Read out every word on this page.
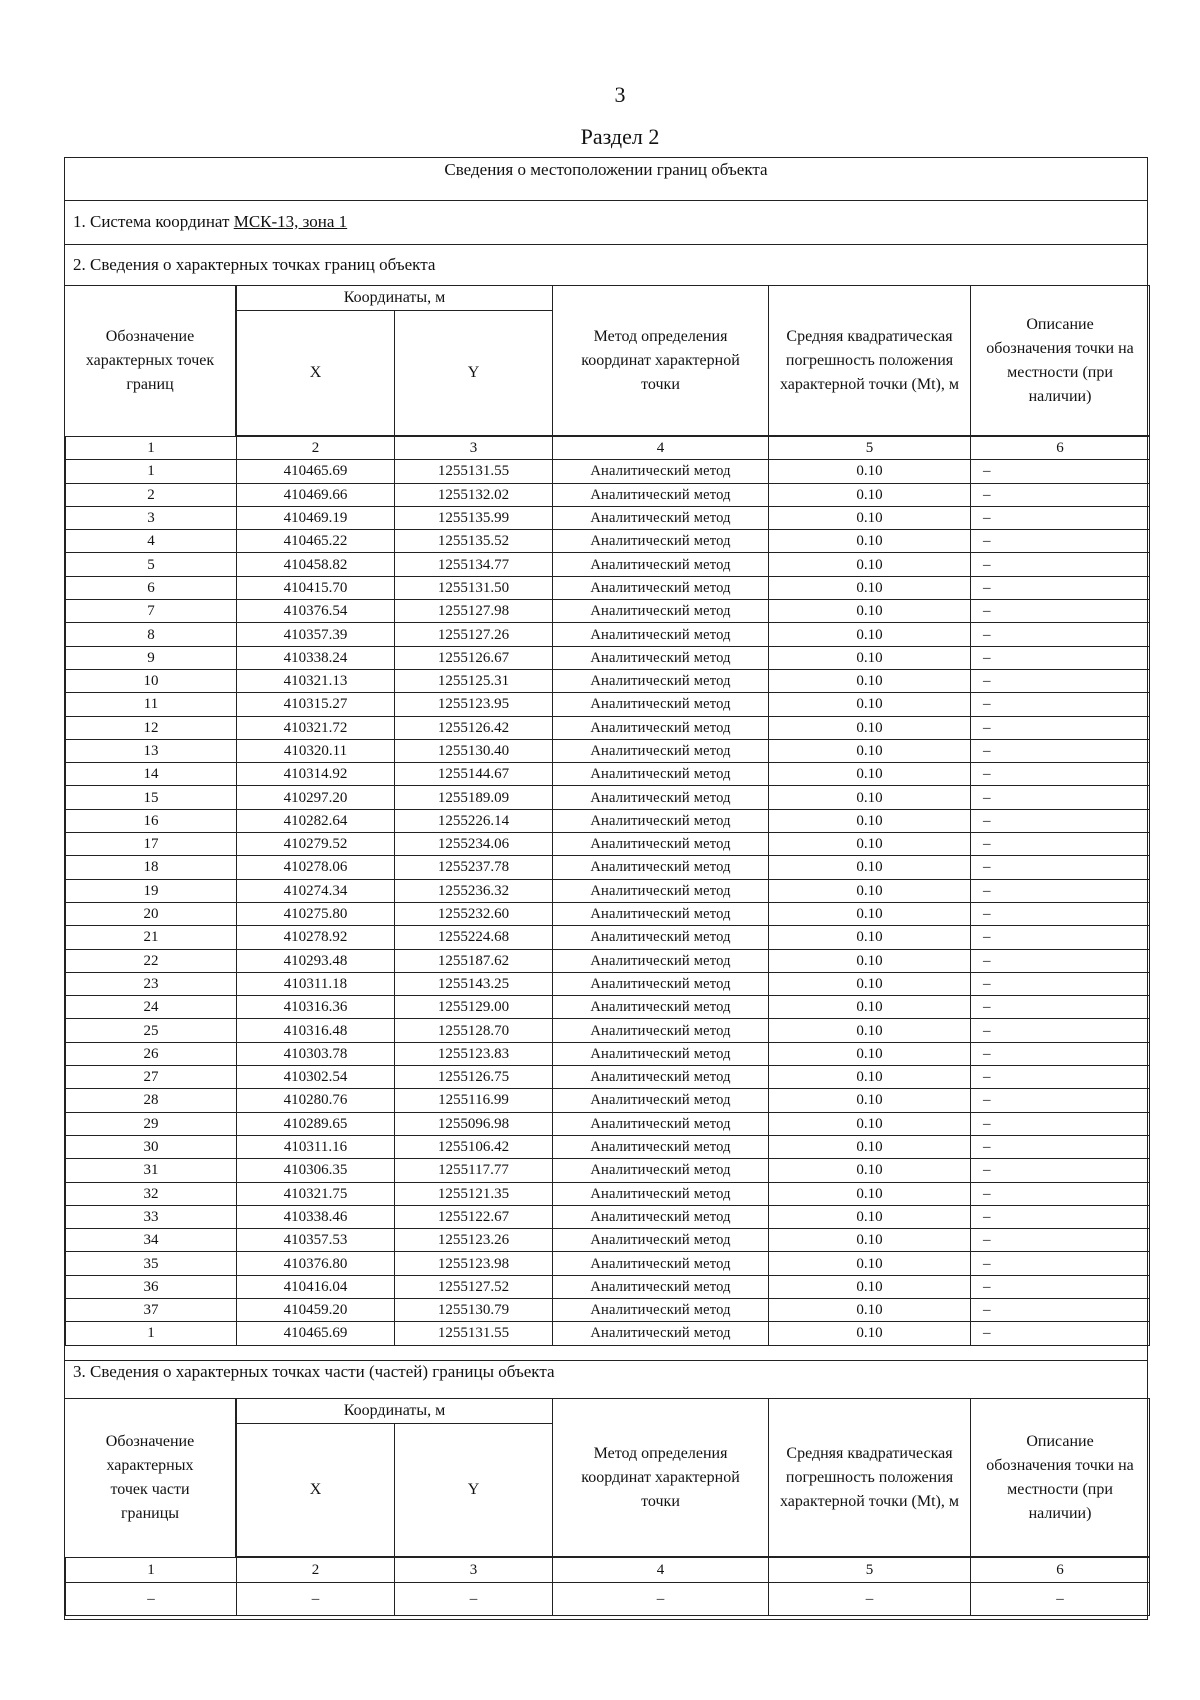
3
Раздел 2
Сведения о местоположении границ объекта
1. Система координат МСК-13, зона 1
2. Сведения о характерных точках границ объекта
Обозначение характерных точек границ
Координаты, м		Метод определения координат характерной точки	Средняя квадратическая погрешность положения характерной точки (Mt), м	Описание обозначения точки на местности (при наличии)
X	Y			
1	2	3	4	5	6
1	410465.69	1255131.55	Аналитический метод	0.10	–
2	410469.66	1255132.02	Аналитический метод	0.10	–
3	410469.19	1255135.99	Аналитический метод	0.10	–
4	410465.22	1255135.52	Аналитический метод	0.10	–
5	410458.82	1255134.77	Аналитический метод	0.10	–
6	410415.70	1255131.50	Аналитический метод	0.10	–
7	410376.54	1255127.98	Аналитический метод	0.10	–
8	410357.39	1255127.26	Аналитический метод	0.10	–
9	410338.24	1255126.67	Аналитический метод	0.10	–
10	410321.13	1255125.31	Аналитический метод	0.10	–
11	410315.27	1255123.95	Аналитический метод	0.10	–
12	410321.72	1255126.42	Аналитический метод	0.10	–
13	410320.11	1255130.40	Аналитический метод	0.10	–
14	410314.92	1255144.67	Аналитический метод	0.10	–
15	410297.20	1255189.09	Аналитический метод	0.10	–
16	410282.64	1255226.14	Аналитический метод	0.10	–
17	410279.52	1255234.06	Аналитический метод	0.10	–
18	410278.06	1255237.78	Аналитический метод	0.10	–
19	410274.34	1255236.32	Аналитический метод	0.10	–
20	410275.80	1255232.60	Аналитический метод	0.10	–
21	410278.92	1255224.68	Аналитический метод	0.10	–
22	410293.48	1255187.62	Аналитический метод	0.10	–
23	410311.18	1255143.25	Аналитический метод	0.10	–
24	410316.36	1255129.00	Аналитический метод	0.10	–
25	410316.48	1255128.70	Аналитический метод	0.10	–
26	410303.78	1255123.83	Аналитический метод	0.10	–
27	410302.54	1255126.75	Аналитический метод	0.10	–
28	410280.76	1255116.99	Аналитический метод	0.10	–
29	410289.65	1255096.98	Аналитический метод	0.10	–
30	410311.16	1255106.42	Аналитический метод	0.10	–
31	410306.35	1255117.77	Аналитический метод	0.10	–
32	410321.75	1255121.35	Аналитический метод	0.10	–
33	410338.46	1255122.67	Аналитический метод	0.10	–
34	410357.53	1255123.26	Аналитический метод	0.10	–
35	410376.80	1255123.98	Аналитический метод	0.10	–
36	410416.04	1255127.52	Аналитический метод	0.10	–
37	410459.20	1255130.79	Аналитический метод	0.10	–
1	410465.69	1255131.55	Аналитический метод	0.10	–
3. Сведения о характерных точках части (частей) границы объекта
Обозначение характерных точек части границы
Координаты, м		Метод определения координат характерной точки	Средняя квадратическая погрешность положения характерной точки (Mt), м	Описание обозначения точки на местности (при наличии)
X	Y			
1	2	3	4	5	6
–	–	–	–	–	–
